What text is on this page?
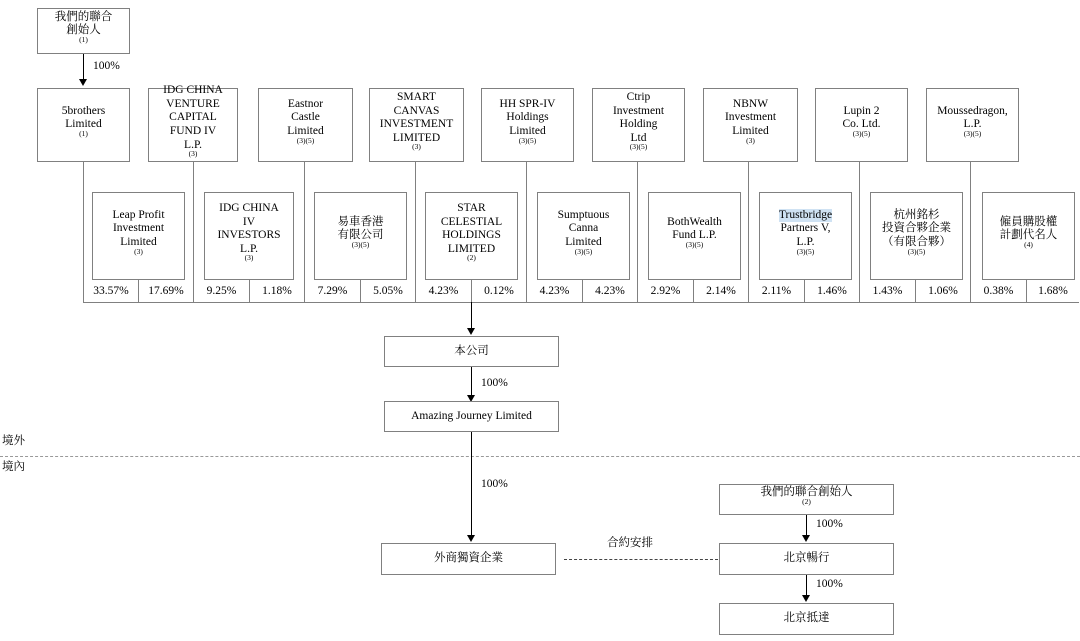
我們的聯合
創始人
$^{(1)}$
100%
5brothers
Limited
$^{(1)}$
IDG CHINA
VENTURE
CAPITAL
FUND IV
L.P.
$^{(3)}$
Eastnor
Castle
Limited
$^{(3)(5)}$
SMART
CANVAS
INVESTMENT
LIMITED
$^{(3)}$
HH SPR-IV
Holdings
Limited
$^{(3)(5)}$
Ctrip
Investment
Holding
Ltd
$^{(3)(5)}$
NBNW
Investment
Limited
$^{(3)}$
Lupin 2
Co. Ltd.
$^{(3)(5)}$
Moussedragon,
L.P.
$^{(3)(5)}$
Leap Profit
Investment
Limited
$^{(3)}$
IDG CHINA
IV
INVESTORS
L.P.
$^{(3)}$
易車香港
有限公司
$^{(3)(5)}$
STAR
CELESTIAL
HOLDINGS
LIMITED
$^{(2)}$
Sumptuous
Canna
Limited
$^{(3)(5)}$
BothWealth
Fund L.P.
$^{(3)(5)}$
Trustbridge
Partners V,
L.P.
$^{(3)(5)}$
杭州銘杉
投資合夥企業
（有限合夥）
$^{(3)(5)}$
僱員購股權
計劃代名人
$^{(4)}$
33.57%	17.69%	9.25%	1.18%	7.29%	5.05%	4.23%	0.12%	4.23%	4.23%	2.92%	2.14%	2.11%	1.46%	1.43%	1.06%	0.38%	1.68%
本公司
100%
Amazing Journey Limited
境外
境內
100%
外商獨資企業
合約安排
我們的聯合創始人
$^{(2)}$
100%
北京暢行
100%
北京抵達
